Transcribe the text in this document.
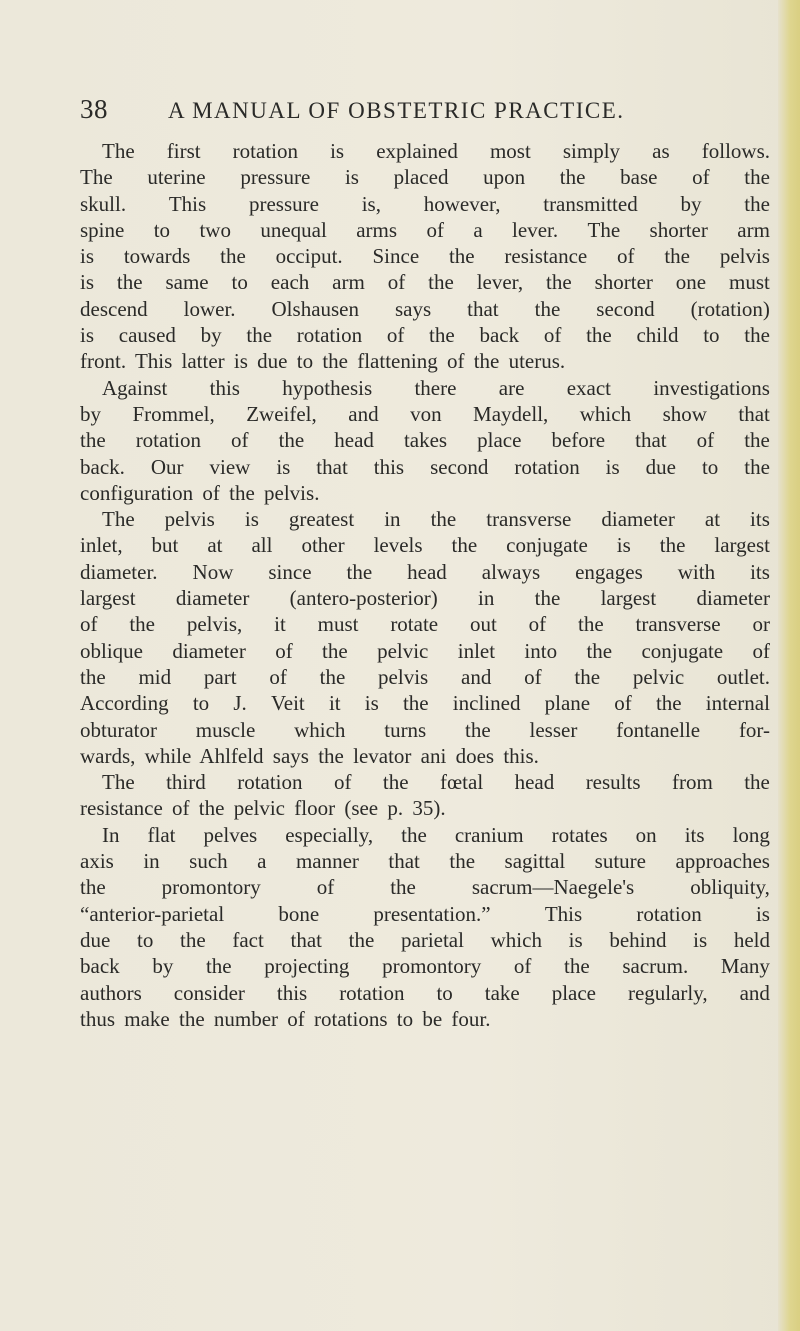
38	A MANUAL OF OBSTETRIC PRACTICE.
The first rotation is explained most simply as follows.
The uterine pressure is placed upon the base of the
skull. This pressure is, however, transmitted by the
spine to two unequal arms of a lever. The shorter arm
is towards the occiput. Since the resistance of the pelvis
is the same to each arm of the lever, the shorter one must
descend lower. Olshausen says that the second (rotation)
is caused by the rotation of the back of the child to the
front. This latter is due to the flattening of the uterus.
Against this hypothesis there are exact investigations
by Frommel, Zweifel, and von Maydell, which show that
the rotation of the head takes place before that of the
back. Our view is that this second rotation is due to the
configuration of the pelvis.
The pelvis is greatest in the transverse diameter at its
inlet, but at all other levels the conjugate is the largest
diameter. Now since the head always engages with its
largest diameter (antero-posterior) in the largest diameter
of the pelvis, it must rotate out of the transverse or
oblique diameter of the pelvic inlet into the conjugate of
the mid part of the pelvis and of the pelvic outlet.
According to J. Veit it is the inclined plane of the internal
obturator muscle which turns the lesser fontanelle for-
wards, while Ahlfeld says the levator ani does this.
The third rotation of the fœtal head results from the
resistance of the pelvic floor (see p. 35).
In flat pelves especially, the cranium rotates on its long
axis in such a manner that the sagittal suture approaches
the	promontory	of	the	sacrum—Naegele's	obliquity,
“anterior-parietal	bone	presentation.”	This	rotation	is
due to the fact that the parietal which is behind is held
back by the projecting promontory of the sacrum. Many
authors consider this rotation to take place regularly, and
thus make the number of rotations to be four.
